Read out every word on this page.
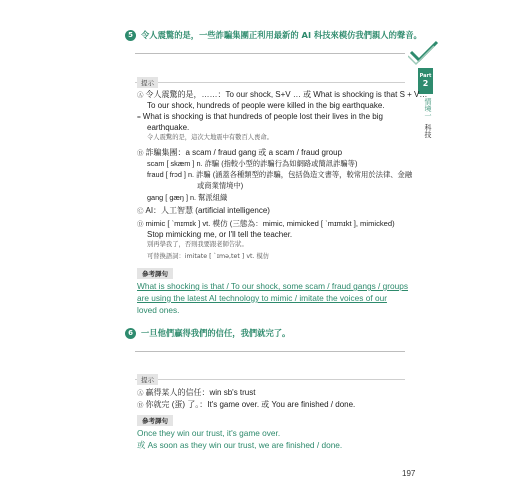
5 令人震驚的是，一些詐騙集團正利用最新的 AI 科技來模仿我們親人的聲音。
Part
2
情境一
科技
提示
Ⓐ 令人震驚的是，……：To our shock, S+V … 或 What is shocking is that S + V…
To our shock, hundreds of people were killed in the big earthquake.
= What is shocking is that hundreds of people lost their lives in the big
earthquake.
令人震驚的是，這次大地震中有數百人喪命。
Ⓑ 詐騙集團：a scam / fraud gang 或 a scam / fraud group
scam [ skæm ] n. 詐騙 (指較小型的詐騙行為如網路或簡訊詐騙等)
fraud [ frɔd ] n. 詐騙 (涵蓋各種類型的詐騙，包括偽造文書等，較常用於法律、金融
或商業情境中)
gang [ gæŋ ] n. 幫派組織
Ⓒ AI：人工智慧 (artificial intelligence)
Ⓓ mimic [ ˋmɪmɪk ] vt. 模仿 (三態為：mimic, mimicked [ ˋmɪmɪkt ], mimicked)
Stop mimicking me, or I'll tell the teacher.
別再學我了，否則我要跟老師告狀。
可替換語詞：imitate [ ˋɪmə,tet ] vt. 模仿
參考譯句
What is shocking is that / To our shock, some scam / fraud gangs / groups
are using the latest AI technology to mimic / imitate the voices of our
loved ones.
6 一旦他們贏得我們的信任，我們就完了。
提示
Ⓐ 贏得某人的信任：win sb's trust
Ⓑ 你就完 (蛋) 了。：It's game over. 或 You are finished / done.
參考譯句
Once they win our trust, it's game over.
或 As soon as they win our trust, we are finished / done.
197
